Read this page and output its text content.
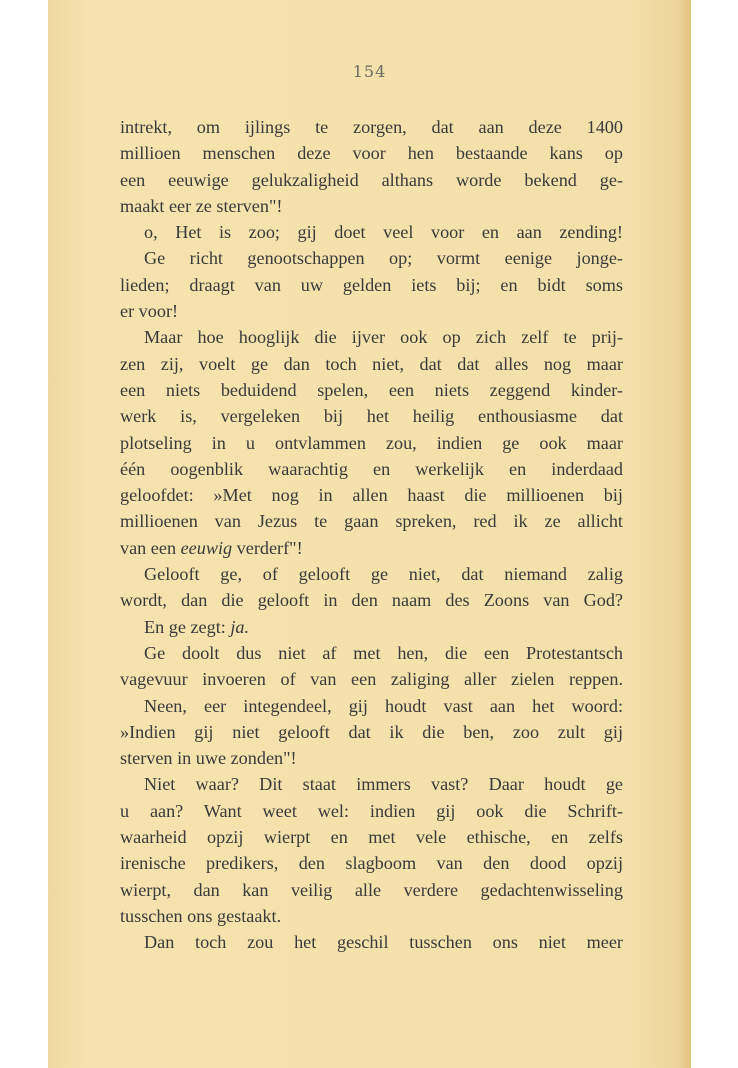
154
intrekt, om ijlings te zorgen, dat aan deze 1400
millioen menschen deze voor hen bestaande kans op
een eeuwige gelukzaligheid althans worde bekend ge-
maakt eer ze sterven"!
o, Het is zoo; gij doet veel voor en aan zending!
Ge richt genootschappen op; vormt eenige jonge-
lieden; draagt van uw gelden iets bij; en bidt soms
er voor!
Maar hoe hooglijk die ijver ook op zich zelf te prij-
zen zij, voelt ge dan toch niet, dat dat alles nog maar
een niets beduidend spelen, een niets zeggend kinder-
werk is, vergeleken bij het heilig enthousiasme dat
plotseling in u ontvlammen zou, indien ge ook maar
één oogenblik waarachtig en werkelijk en inderdaad
geloofdet: »Met nog in allen haast die millioenen bij
millioenen van Jezus te gaan spreken, red ik ze allicht
van een eeuwig verderf"!
Gelooft ge, of gelooft ge niet, dat niemand zalig
wordt, dan die gelooft in den naam des Zoons van God?
En ge zegt: ja.
Ge doolt dus niet af met hen, die een Protestantsch
vagevuur invoeren of van een zaliging aller zielen reppen.
Neen, eer integendeel, gij houdt vast aan het woord:
»Indien gij niet gelooft dat ik die ben, zoo zult gij
sterven in uwe zonden"!
Niet waar? Dit staat immers vast? Daar houdt ge
u aan? Want weet wel: indien gij ook die Schrift-
waarheid opzij wierpt en met vele ethische, en zelfs
irenische predikers, den slagboom van den dood opzij
wierpt, dan kan veilig alle verdere gedachtenwisseling
tusschen ons gestaakt.
Dan toch zou het geschil tusschen ons niet meer
